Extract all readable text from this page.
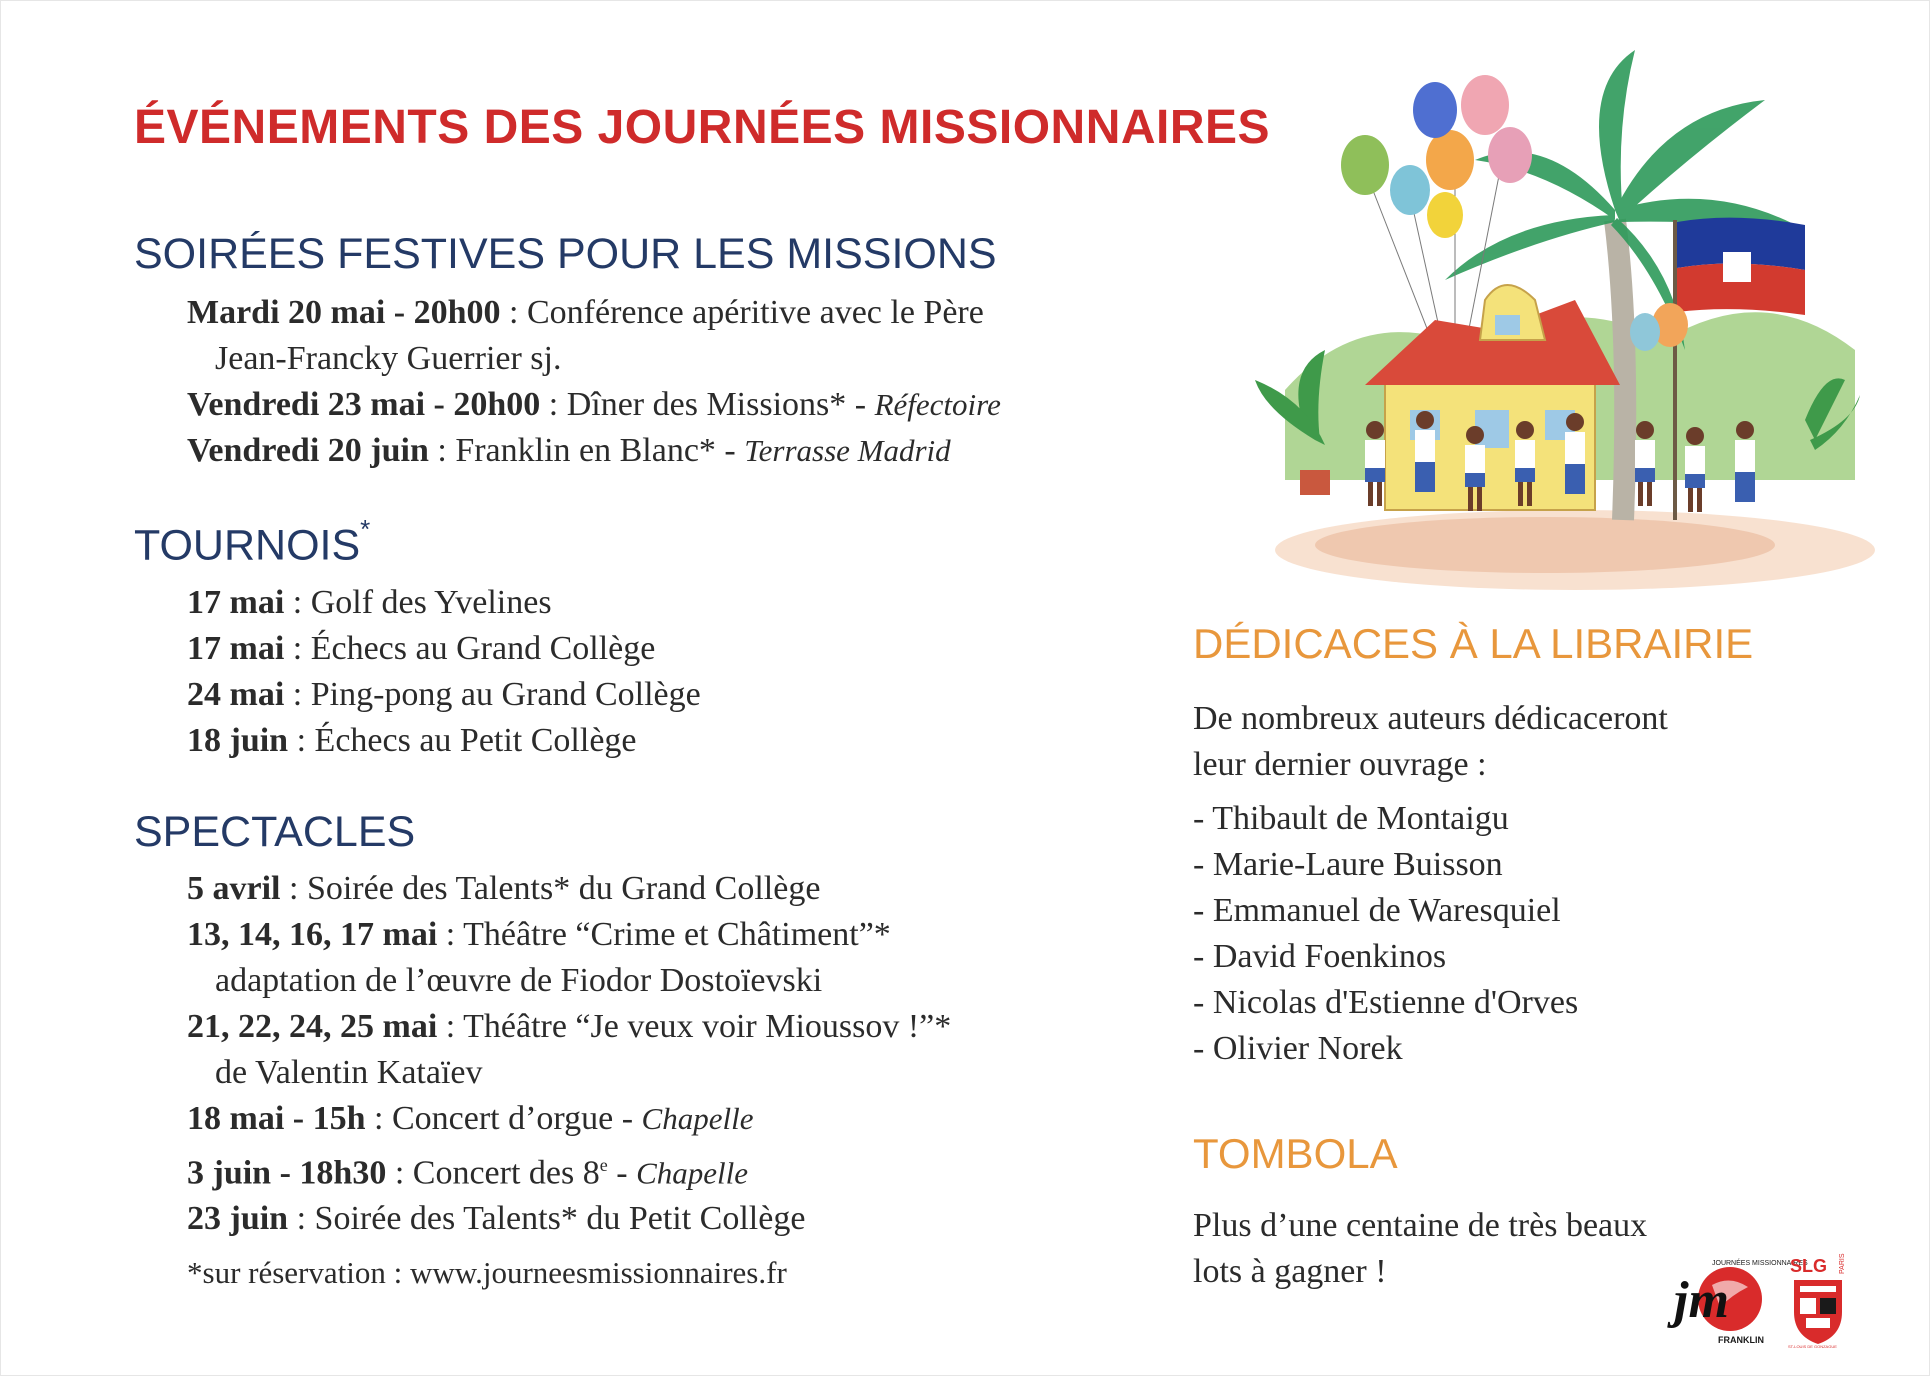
ÉVÉNEMENTS DES JOURNÉES MISSIONNAIRES
SOIRÉES FESTIVES POUR LES MISSIONS
Mardi 20 mai - 20h00 : Conférence apéritive avec le Père
Jean-Francky Guerrier sj.
Vendredi 23 mai - 20h00 : Dîner des Missions* - Réfectoire
Vendredi 20 juin : Franklin en Blanc* - Terrasse Madrid
TOURNOIS*
17 mai : Golf des Yvelines
17 mai : Échecs au Grand Collège
24 mai : Ping-pong au Grand Collège
18 juin : Échecs au Petit Collège
SPECTACLES
5 avril : Soirée des Talents* du Grand Collège
13, 14, 16, 17 mai : Théâtre “Crime et Châtiment”*
adaptation de l’œuvre de Fiodor Dostoïevski
21, 22, 24, 25 mai : Théâtre “Je veux voir Mioussov !”*
de Valentin Kataïev
18 mai - 15h : Concert d’orgue - Chapelle
3 juin - 18h30 : Concert des 8e - Chapelle
23 juin : Soirée des Talents* du Petit Collège
*sur réservation : www.journeesmissionnaires.fr
DÉDICACES À LA LIBRAIRIE
De nombreux auteurs dédicaceront
leur dernier ouvrage :
- Thibault de Montaigu
- Marie-Laure Buisson
- Emmanuel de Waresquiel
- David Foenkinos
- Nicolas d'Estienne d'Orves
- Olivier Norek
TOMBOLA
Plus d’une centaine de très beaux
lots à gagner !	JOURNÉES MISSIONNAIRES
jm
FRANKLIN
SLG PARIS
ST-LOUIS DE GONZAGUE
